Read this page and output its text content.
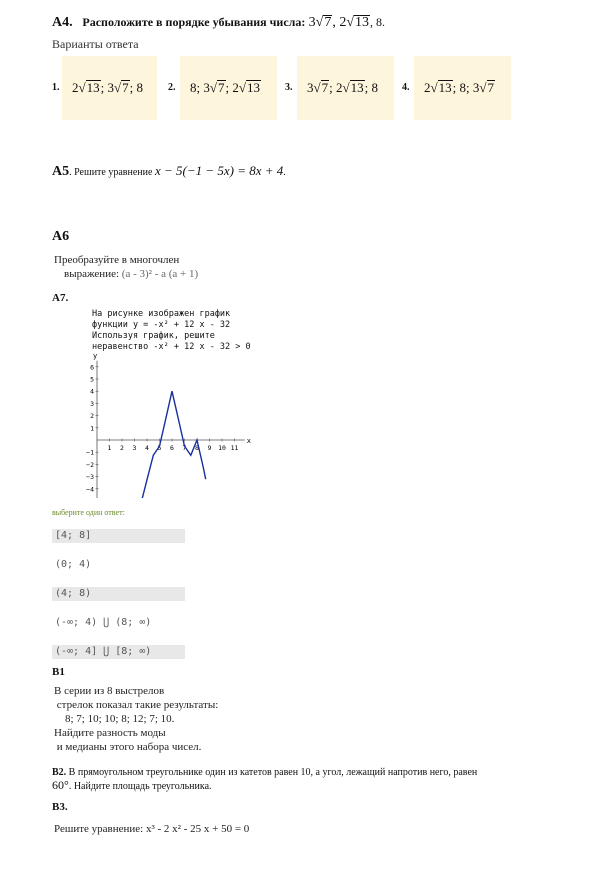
A4. Расположите в порядке убывания числа: 3√7, 2√13, 8.
Варианты ответа
1. 2√13; 3√7; 8 2. 8; 3√7; 2√13 3. 3√7; 2√13; 8 4. 2√13; 8; 3√7
A5. Решите уравнение x − 5(−1 − 5x) = 8x + 4.
A6
Преобразуйте в многочлен
выражение: (a - 3)² - a (a + 1)
A7.
На рисунке изображен график
функции y = -x² + 12 x - 32
Используя график, решите
неравенство -x² + 12 x - 32 > 0
x
y
1 2 3 4 5 6 7 8 9 10 11
−4
−3
−2
−1
1
2
3
4
5
6
выберите один ответ:
[4; 8]
(0; 4)
(4; 8)
(-∞; 4) ⋃ (8; ∞)
(-∞; 4] ⋃ [8; ∞)
B1
В серии из 8 выстрелов
стрелок показал такие результаты:
8; 7; 10; 10; 8; 12; 7; 10.
Найдите разность моды
и медианы этого набора чисел.
B2. В прямоугольном треугольнике один из катетов равен 10, а угол, лежащий напротив него, равен
60°. Найдите площадь треугольника.
B3.
Решите уравнение: x³ - 2 x² - 25 x + 50 = 0
